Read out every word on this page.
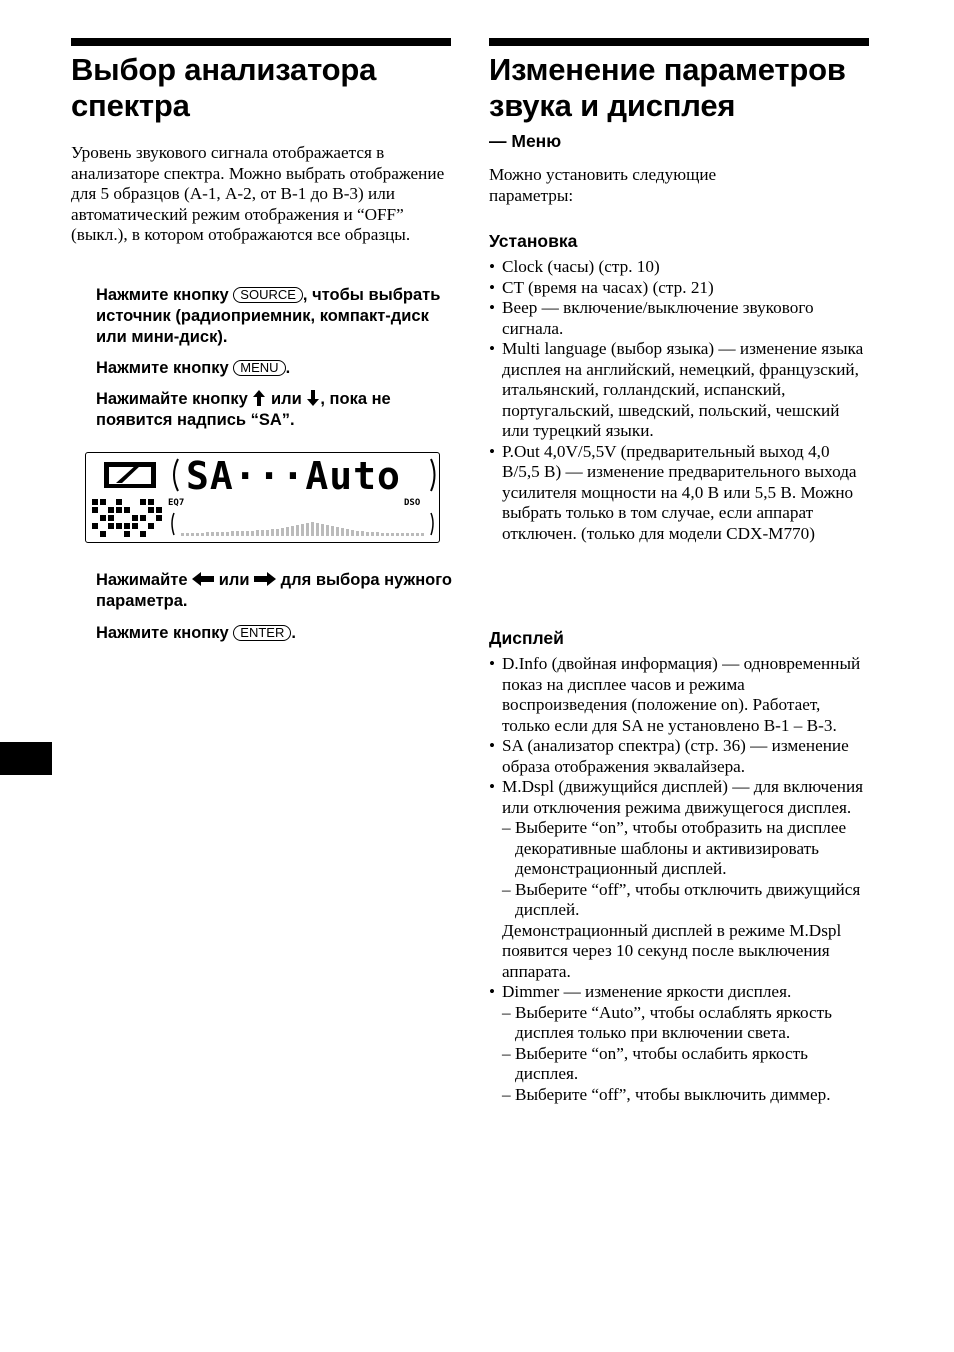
Выбор анализатора
спектра

Уровень звукового сигнала отображается в анализаторе спектра. Можно выбрать отображение для 5 образцов (А-1, А-2, от В-1 до В-3) или автоматический режим отображения и “OFF” (выкл.), в котором отображаются все образцы.

Нажмите кнопку SOURCE , чтобы выбрать источник (радиоприемник, компакт-диск или мини-диск).

Нажмите кнопку MENU .

Нажимайте кнопку или , пока не появится надпись “SA”.

SA···Auto
EQ7	DSO

Нажимайте или для выбора нужного параметра.

Нажмите кнопку ENTER .

Изменение параметров
звука и дисплея

— Меню

Можно установить следующие параметры:

Установка

• Clock (часы) (стр. 10)
• CT (время на часах) (стр. 21)
• Beep — включение/выключение звукового сигнала.
• Multi language (выбор языка) — изменение языка дисплея на английский, немецкий, французский, итальянский, голландский, испанский, португальский, шведский, польский, чешский или турецкий языки.
• P.Out 4,0V/5,5V (предварительный выход 4,0 В/5,5 В) — изменение предварительного выхода усилителя мощности на 4,0 В или 5,5 В. Можно выбрать только в том случае, если аппарат отключен. (только для модели CDX-M770)

Дисплей

• D.Info (двойная информация) — одновременный показ на дисплее часов и режима воспроизведения (положение on). Работает, только если для SA не установлено В-1 – В-3.
• SA (анализатор спектра) (стр. 36) — изменение образа отображения эквалайзера.
• M.Dspl (движущийся дисплей) — для включения или отключения режима движущегося дисплея.
– Выберите “on”, чтобы отобразить на дисплее декоративные шаблоны и активизировать демонстрационный дисплей.
– Выберите “off”, чтобы отключить движущийся дисплей.
Демонстрационный дисплей в режиме M.Dspl появится через 10 секунд после выключения аппарата.
• Dimmer — изменение яркости дисплея.
– Выберите “Auto”, чтобы ослаблять яркость дисплея только при включении света.
– Выберите “on”, чтобы ослабить яркость дисплея.
– Выберите “off”, чтобы выключить диммер.
